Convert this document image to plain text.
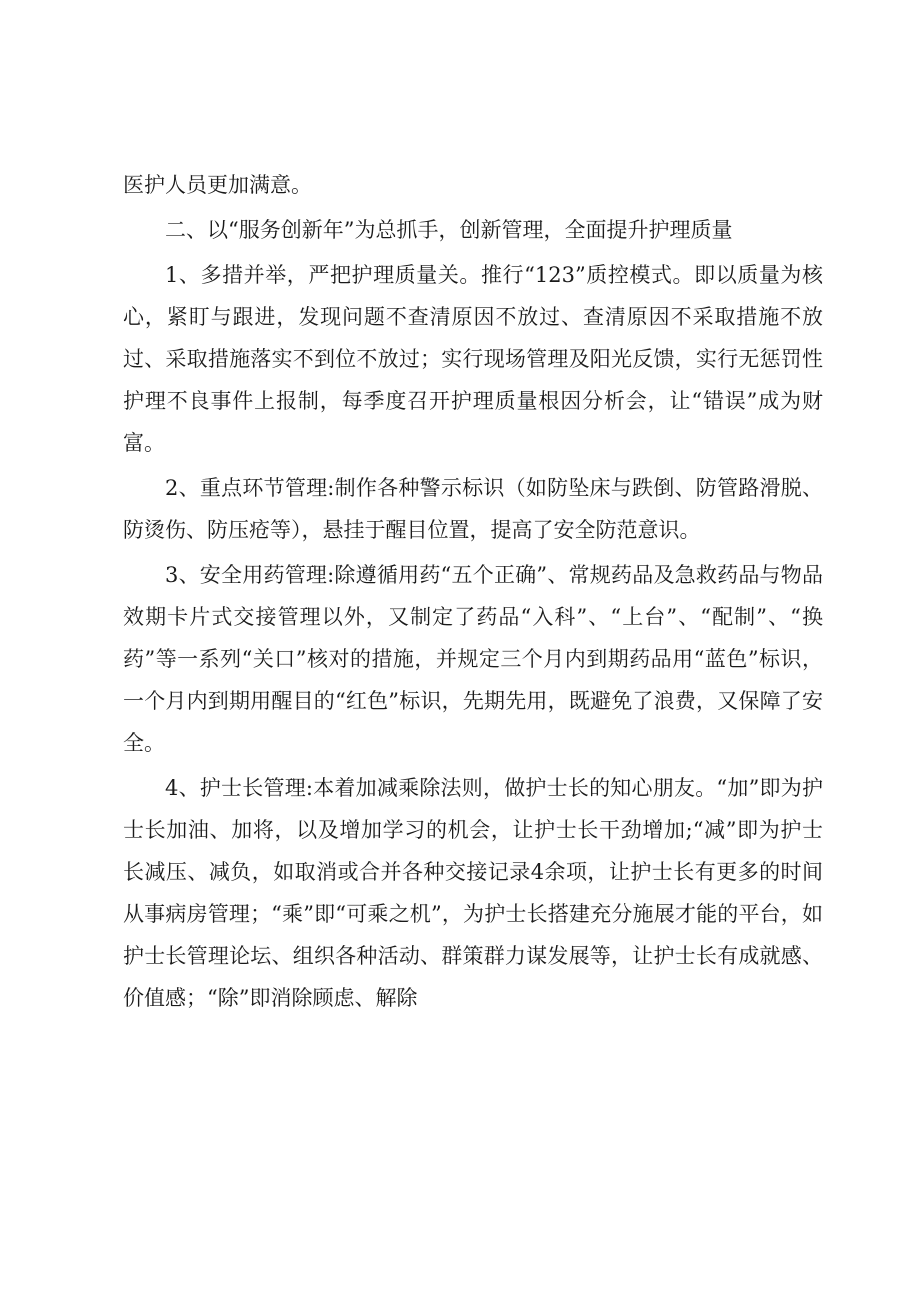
医护人员更加满意。

二、以“服务创新年”为总抓手，创新管理，全面提升护理质量

1、多措并举，严把护理质量关。推行“123”质控模式。即以质量为核心，紧盯与跟进，发现问题不查清原因不放过、查清原因不采取措施不放过、采取措施落实不到位不放过；实行现场管理及阳光反馈，实行无惩罚性护理不良事件上报制，每季度召开护理质量根因分析会，让“错误”成为财富。

2、重点环节管理:制作各种警示标识（如防坠床与跌倒、防管路滑脱、防烫伤、防压疮等），悬挂于醒目位置，提高了安全防范意识。

3、安全用药管理:除遵循用药“五个正确”、常规药品及急救药品与物品效期卡片式交接管理以外，又制定了药品“入科”、“上台”、“配制”、“换药”等一系列“关口”核对的措施，并规定三个月内到期药品用“蓝色”标识，一个月内到期用醒目的“红色”标识，先期先用，既避免了浪费，又保障了安全。

4、护士长管理:本着加减乘除法则，做护士长的知心朋友。“加”即为护士长加油、加将，以及增加学习的机会，让护士长干劲增加;“减”即为护士长减压、减负，如取消或合并各种交接记录4余项，让护士长有更多的时间从事病房管理；“乘”即“可乘之机”，为护士长搭建充分施展才能的平台，如护士长管理论坛、组织各种活动、群策群力谋发展等，让护士长有成就感、价值感；“除”即消除顾虑、解除
